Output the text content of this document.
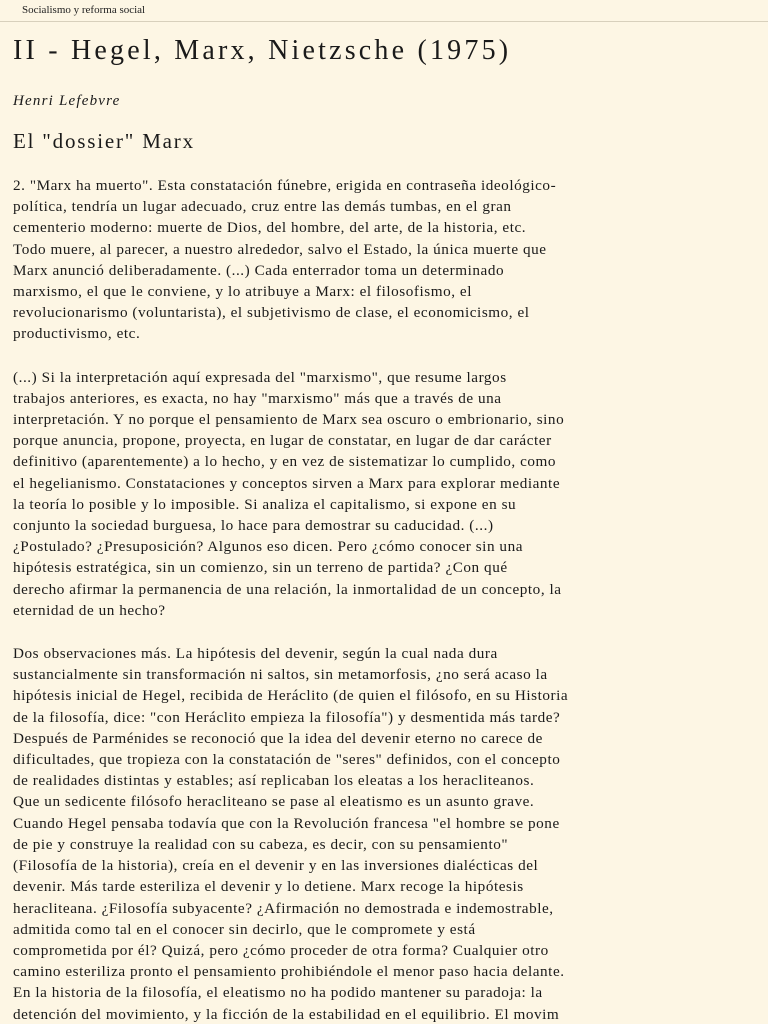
Socialismo y reforma social
II - Hegel, Marx, Nietzsche (1975)
Henri Lefebvre
El "dossier" Marx

2. "Marx ha muerto". Esta constatación fúnebre, erigida en contraseña ideológico-
política, tendría un lugar adecuado, cruz entre las demás tumbas, en el gran
cementerio moderno: muerte de Dios, del hombre, del arte, de la historia, etc.
Todo muere, al parecer, a nuestro alrededor, salvo el Estado, la única muerte que
Marx anunció deliberadamente. (...) Cada enterrador toma un determinado
marxismo, el que le conviene, y lo atribuye a Marx: el filosofismo, el
revolucionarismo (voluntarista), el subjetivismo de clase, el economicismo, el
productivismo, etc.

(...) Si la interpretación aquí expresada del "marxismo", que resume largos
trabajos anteriores, es exacta, no hay "marxismo" más que a través de una
interpretación. Y no porque el pensamiento de Marx sea oscuro o embrionario, sino
porque anuncia, propone, proyecta, en lugar de constatar, en lugar de dar carácter
definitivo (aparentemente) a lo hecho, y en vez de sistematizar lo cumplido, como
el hegelianismo. Constataciones y conceptos sirven a Marx para explorar mediante
la teoría lo posible y lo imposible. Si analiza el capitalismo, si expone en su
conjunto la sociedad burguesa, lo hace para demostrar su caducidad. (...)
¿Postulado? ¿Presuposición? Algunos eso dicen. Pero ¿cómo conocer sin una
hipótesis estratégica, sin un comienzo, sin un terreno de partida? ¿Con qué
derecho afirmar la permanencia de una relación, la inmortalidad de un concepto, la
eternidad de un hecho?

Dos observaciones más. La hipótesis del devenir, según la cual nada dura
sustancialmente sin transformación ni saltos, sin metamorfosis, ¿no será acaso la
hipótesis inicial de Hegel, recibida de Heráclito (de quien el filósofo, en su Historia
de la filosofía, dice: "con Heráclito empieza la filosofía") y desmentida más tarde?
Después de Parménides se reconoció que la idea del devenir eterno no carece de
dificultades, que tropieza con la constatación de "seres" definidos, con el concepto
de realidades distintas y estables; así replicaban los eleatas a los heracliteanos.
Que un sedicente filósofo heracliteano se pase al eleatismo es un asunto grave.
Cuando Hegel pensaba todavía que con la Revolución francesa "el hombre se pone
de pie y construye la realidad con su cabeza, es decir, con su pensamiento"
(Filosofía de la historia), creía en el devenir y en las inversiones dialécticas del
devenir. Más tarde esteriliza el devenir y lo detiene. Marx recoge la hipótesis
heracliteana. ¿Filosofía subyacente? ¿Afirmación no demostrada e indemostrable,
admitida como tal en el conocer sin decirlo, que le compromete y está
comprometida por él? Quizá, pero ¿cómo proceder de otra forma? Cualquier otro
camino esteriliza pronto el pensamiento prohibiéndole el menor paso hacia delante.
En la historia de la filosofía, el eleatismo no ha podido mantener su paradoja: la
detención del movimiento, y la ficción de la estabilidad en el equilibrio. El movim
